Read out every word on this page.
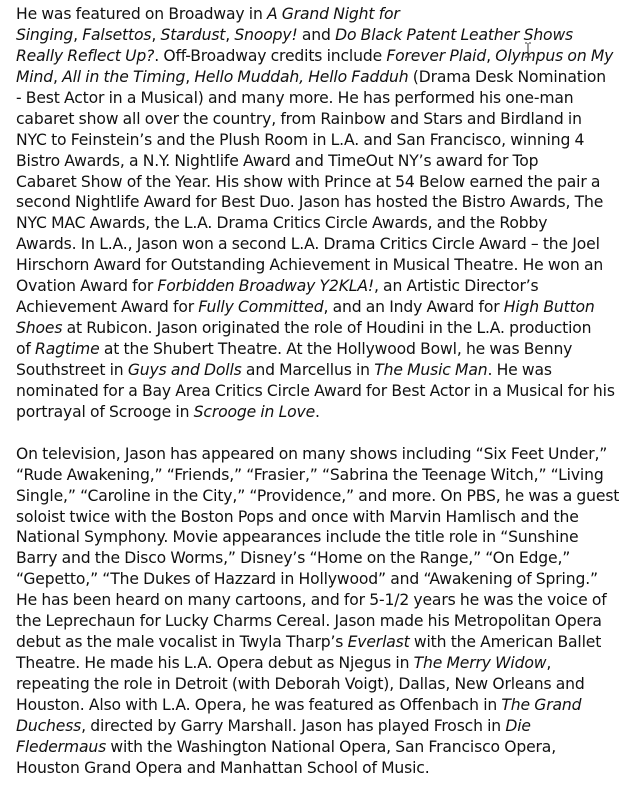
He was featured on Broadway in A Grand Night for
Singing, Falsettos, Stardust, Snoopy! and Do Black Patent Leather Shows
Really Reflect Up?. Off-Broadway credits include Forever Plaid, Olympus on My
Mind, All in the Timing, Hello Muddah, Hello Fadduh (Drama Desk Nomination
- Best Actor in a Musical) and many more. He has performed his one-man
cabaret show all over the country, from Rainbow and Stars and Birdland in
NYC to Feinstein’s and the Plush Room in L.A. and San Francisco, winning 4
Bistro Awards, a N.Y. Nightlife Award and TimeOut NY’s award for Top
Cabaret Show of the Year. His show with Prince at 54 Below earned the pair a
second Nightlife Award for Best Duo. Jason has hosted the Bistro Awards, The
NYC MAC Awards, the L.A. Drama Critics Circle Awards, and the Robby
Awards. In L.A., Jason won a second L.A. Drama Critics Circle Award – the Joel
Hirschorn Award for Outstanding Achievement in Musical Theatre. He won an
Ovation Award for Forbidden Broadway Y2KLA!, an Artistic Director’s
Achievement Award for Fully Committed, and an Indy Award for High Button
Shoes at Rubicon. Jason originated the role of Houdini in the L.A. production
of Ragtime at the Shubert Theatre. At the Hollywood Bowl, he was Benny
Southstreet in Guys and Dolls and Marcellus in The Music Man. He was
nominated for a Bay Area Critics Circle Award for Best Actor in a Musical for his
portrayal of Scrooge in Scrooge in Love.
On television, Jason has appeared on many shows including “Six Feet Under,”
“Rude Awakening,” “Friends,” “Frasier,” “Sabrina the Teenage Witch,” “Living
Single,” “Caroline in the City,” “Providence,” and more. On PBS, he was a guest
soloist twice with the Boston Pops and once with Marvin Hamlisch and the
National Symphony. Movie appearances include the title role in “Sunshine
Barry and the Disco Worms,” Disney’s “Home on the Range,” “On Edge,”
“Gepetto,” “The Dukes of Hazzard in Hollywood” and “Awakening of Spring.”
He has been heard on many cartoons, and for 5-1/2 years he was the voice of
the Leprechaun for Lucky Charms Cereal. Jason made his Metropolitan Opera
debut as the male vocalist in Twyla Tharp’s Everlast with the American Ballet
Theatre. He made his L.A. Opera debut as Njegus in The Merry Widow,
repeating the role in Detroit (with Deborah Voigt), Dallas, New Orleans and
Houston. Also with L.A. Opera, he was featured as Offenbach in The Grand
Duchess, directed by Garry Marshall. Jason has played Frosch in Die
Fledermaus with the Washington National Opera, San Francisco Opera,
Houston Grand Opera and Manhattan School of Music.
